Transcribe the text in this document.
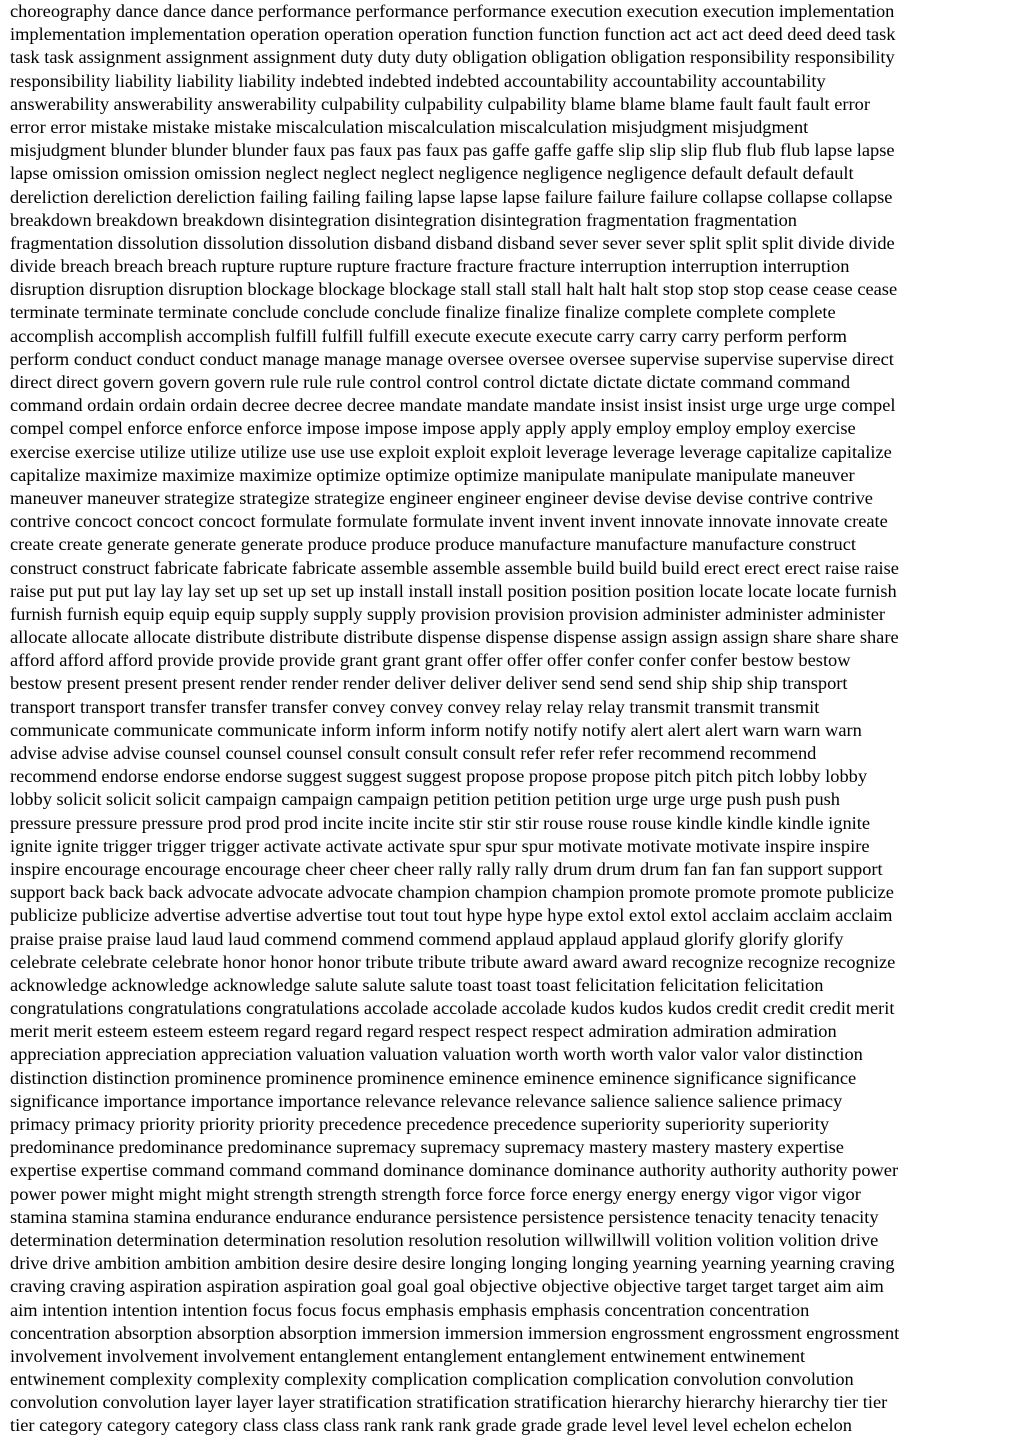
choreography dance dance dance performance performance performance execution execution execution implementation
implementation implementation operation operation operation function function function act act act deed deed deed task
task task assignment assignment assignment duty duty duty obligation obligation obligation responsibility responsibility
responsibility liability liability liability indebted indebted indebted accountability accountability accountability
answerability answerability answerability culpability culpability culpability blame blame blame fault fault fault error
error error mistake mistake mistake miscalculation miscalculation miscalculation misjudgment misjudgment
misjudgment blunder blunder blunder faux pas faux pas faux pas gaffe gaffe gaffe slip slip slip flub flub flub lapse lapse
lapse omission omission omission neglect neglect neglect negligence negligence negligence default default default
dereliction dereliction dereliction failing failing failing lapse lapse lapse failure failure failure collapse collapse collapse
breakdown breakdown breakdown disintegration disintegration disintegration fragmentation fragmentation
fragmentation dissolution dissolution dissolution disband disband disband sever sever sever split split split divide divide
divide breach breach breach rupture rupture rupture fracture fracture fracture interruption interruption interruption
disruption disruption disruption blockage blockage blockage stall stall stall halt halt halt stop stop stop cease cease cease
terminate terminate terminate conclude conclude conclude finalize finalize finalize complete complete complete
accomplish accomplish accomplish fulfill fulfill fulfill execute execute execute carry carry carry perform perform
perform conduct conduct conduct manage manage manage oversee oversee oversee supervise supervise supervise direct
direct direct govern govern govern rule rule rule control control control dictate dictate dictate command command
command ordain ordain ordain decree decree decree mandate mandate mandate insist insist insist urge urge urge compel
compel compel enforce enforce enforce impose impose impose apply apply apply employ employ employ exercise
exercise exercise utilize utilize utilize use use use exploit exploit exploit leverage leverage leverage capitalize capitalize
capitalize maximize maximize maximize optimize optimize optimize manipulate manipulate manipulate maneuver
maneuver maneuver strategize strategize strategize engineer engineer engineer devise devise devise contrive contrive
contrive concoct concoct concoct formulate formulate formulate invent invent invent innovate innovate innovate create
create create generate generate generate produce produce produce manufacture manufacture manufacture construct
construct construct fabricate fabricate fabricate assemble assemble assemble build build build erect erect erect raise raise
raise put put put lay lay lay set up set up set up install install install position position position locate locate locate furnish
furnish furnish equip equip equip supply supply supply provision provision provision administer administer administer
allocate allocate allocate distribute distribute distribute dispense dispense dispense assign assign assign share share share
afford afford afford provide provide provide grant grant grant offer offer offer confer confer confer bestow bestow
bestow present present present render render render deliver deliver deliver send send send ship ship ship transport
transport transport transfer transfer transfer convey convey convey relay relay relay transmit transmit transmit
communicate communicate communicate inform inform inform notify notify notify alert alert alert warn warn warn
advise advise advise counsel counsel counsel consult consult consult refer refer refer recommend recommend
recommend endorse endorse endorse suggest suggest suggest propose propose propose pitch pitch pitch lobby lobby
lobby solicit solicit solicit campaign campaign campaign petition petition petition urge urge urge push push push
pressure pressure pressure prod prod prod incite incite incite stir stir stir rouse rouse rouse kindle kindle kindle ignite
ignite ignite trigger trigger trigger activate activate activate spur spur spur motivate motivate motivate inspire inspire
inspire encourage encourage encourage cheer cheer cheer rally rally rally drum drum drum fan fan fan support support
support back back back advocate advocate advocate champion champion champion promote promote promote publicize
publicize publicize advertise advertise advertise tout tout tout hype hype hype extol extol extol acclaim acclaim acclaim
praise praise praise laud laud laud commend commend commend applaud applaud applaud glorify glorify glorify
celebrate celebrate celebrate honor honor honor tribute tribute tribute award award award recognize recognize recognize
acknowledge acknowledge acknowledge salute salute salute toast toast toast felicitation felicitation felicitation
congratulations congratulations congratulations accolade accolade accolade kudos kudos kudos credit credit credit merit
merit merit esteem esteem esteem regard regard regard respect respect respect admiration admiration admiration
appreciation appreciation appreciation valuation valuation valuation worth worth worth valor valor valor distinction
distinction distinction prominence prominence prominence eminence eminence eminence significance significance
significance importance importance importance relevance relevance relevance salience salience salience primacy
primacy primacy priority priority priority precedence precedence precedence superiority superiority superiority
predominance predominance predominance supremacy supremacy supremacy mastery mastery mastery expertise
expertise expertise command command command dominance dominance dominance authority authority authority power
power power might might might strength strength strength force force force energy energy energy vigor vigor vigor
stamina stamina stamina endurance endurance endurance persistence persistence persistence tenacity tenacity tenacity
determination determination determination resolution resolution resolution willwillwill volition volition volition drive
drive drive ambition ambition ambition desire desire desire longing longing longing yearning yearning yearning craving
craving craving aspiration aspiration aspiration goal goal goal objective objective objective target target target aim aim
aim intention intention intention focus focus focus emphasis emphasis emphasis concentration concentration
concentration absorption absorption absorption immersion immersion immersion engrossment engrossment engrossment
involvement involvement involvement entanglement entanglement entanglement entwinement entwinement
entwinement complexity complexity complexity complication complication complication convolution convolution
convolution convolution layer layer layer stratification stratification stratification hierarchy hierarchy hierarchy tier tier
tier category category category class class class rank rank rank grade grade grade level level level echelon echelon
